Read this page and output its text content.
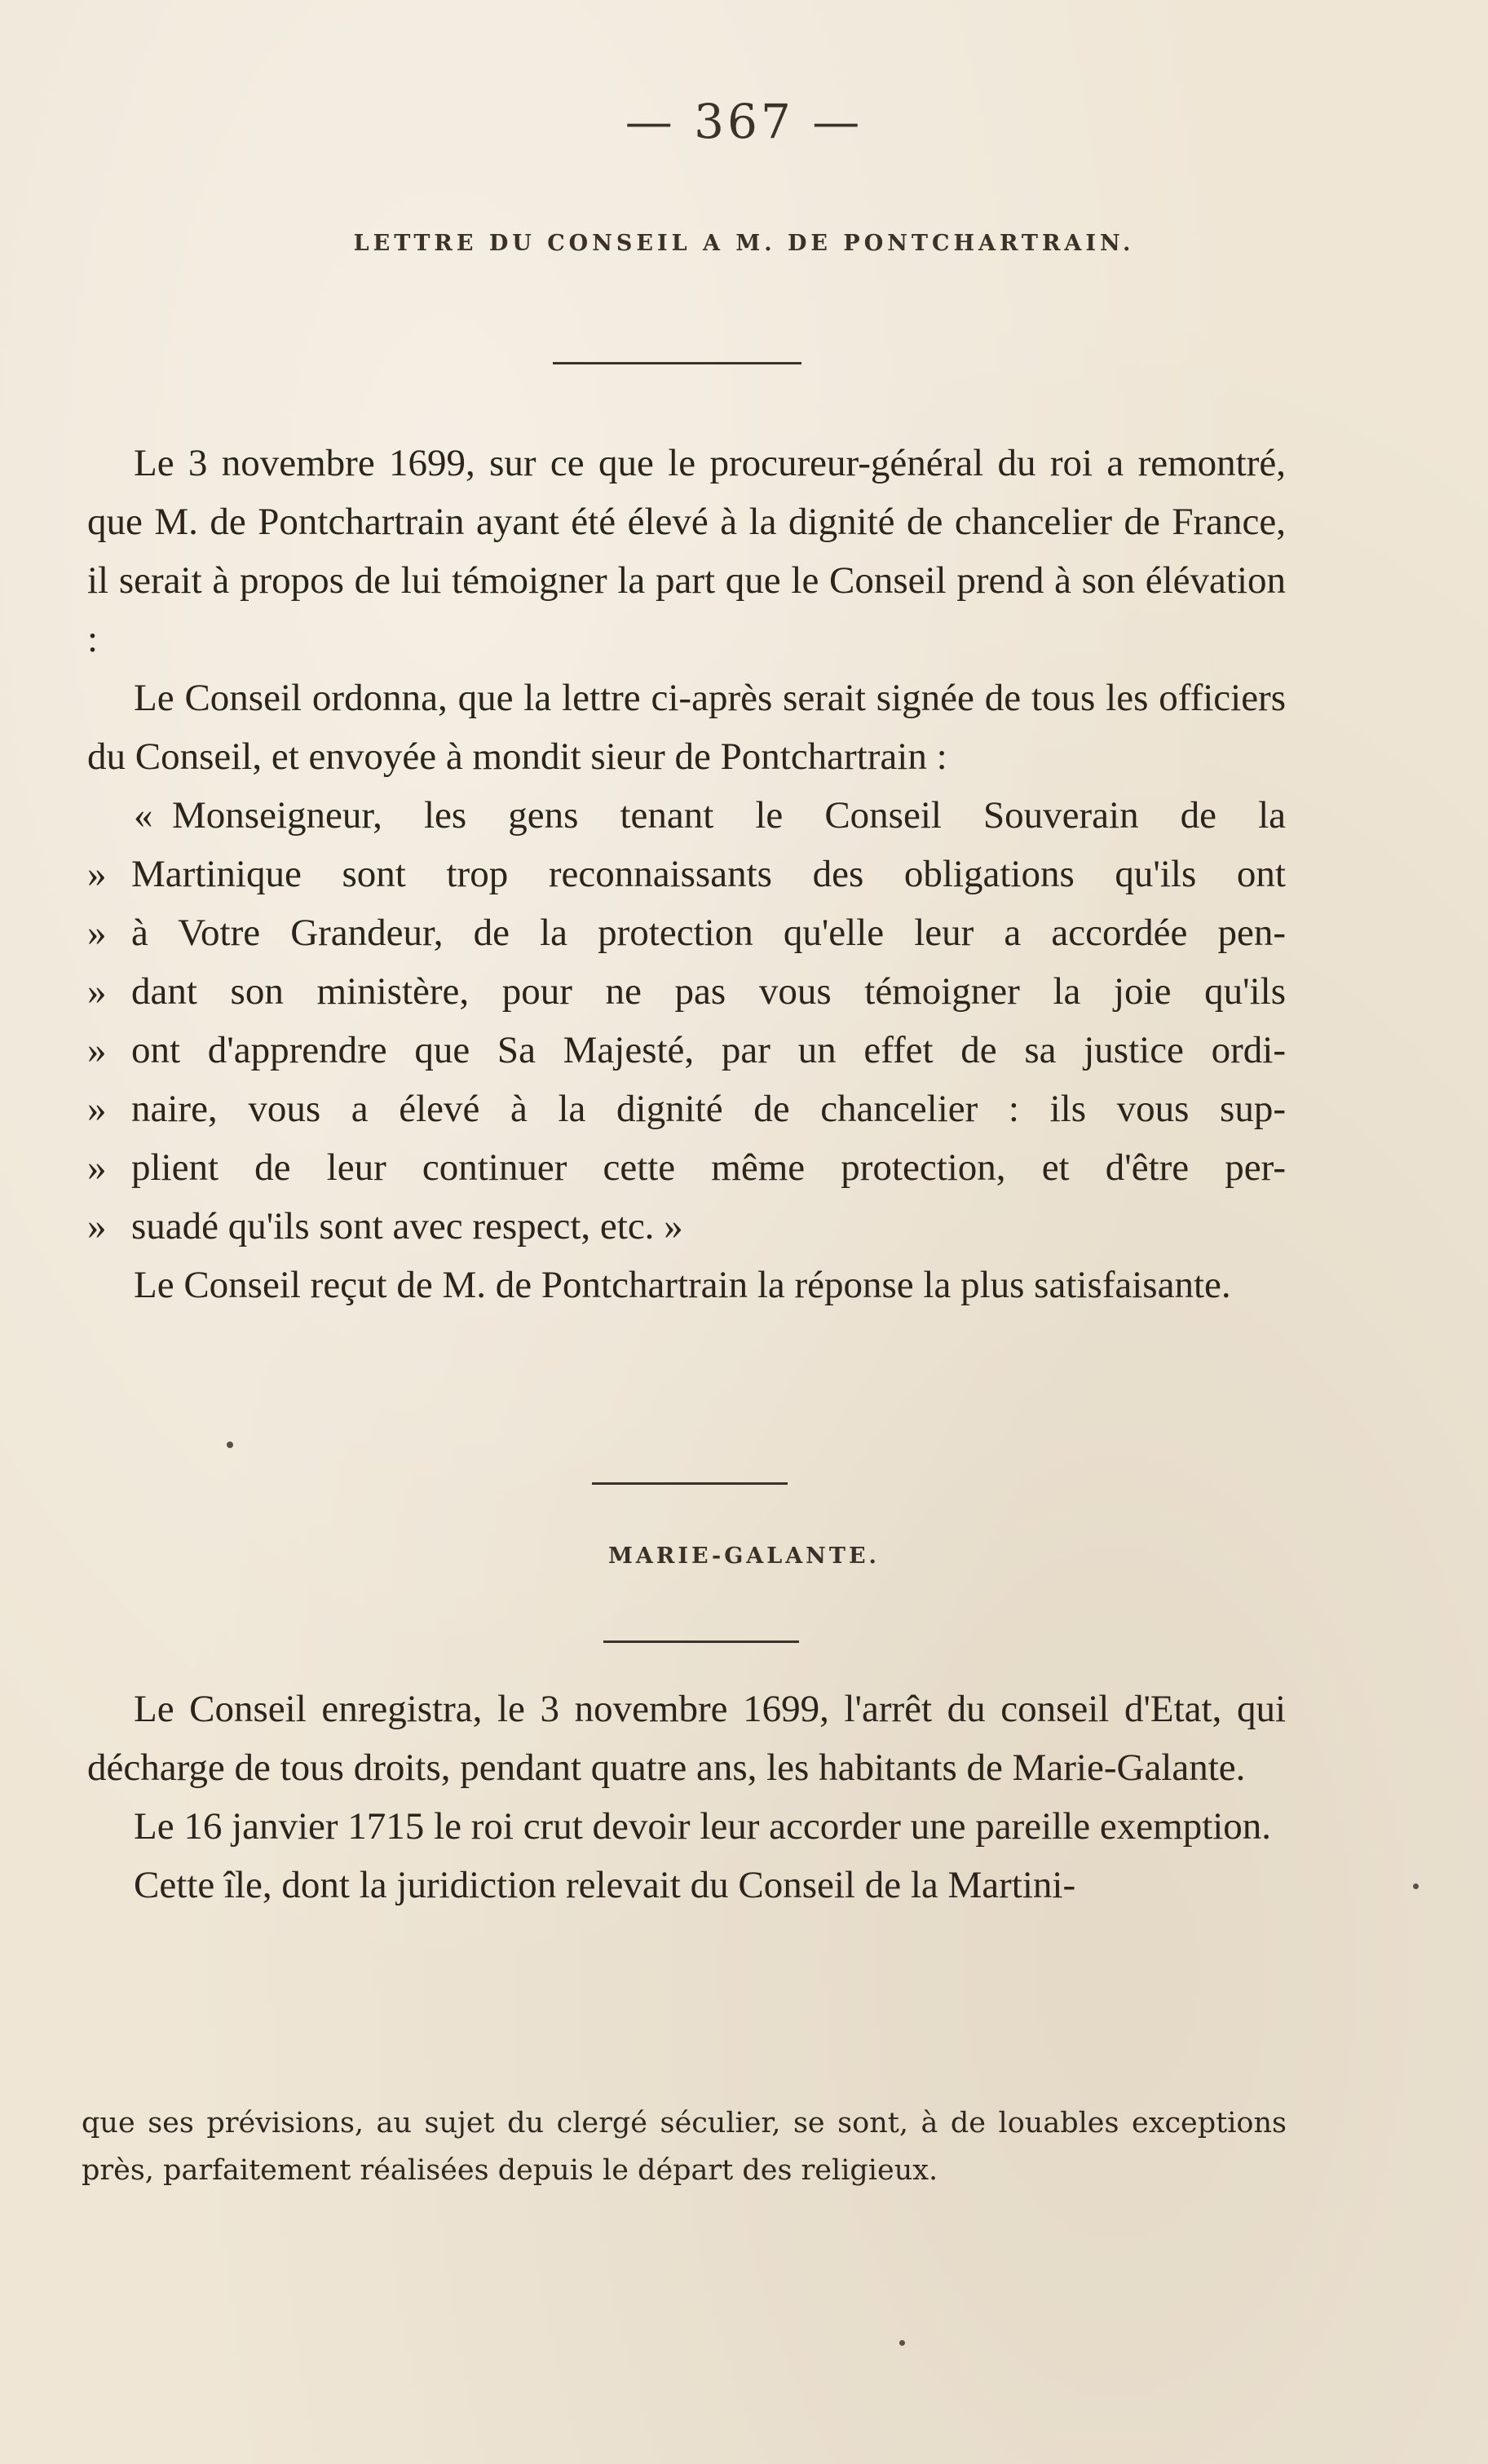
— 367 —
LETTRE DU CONSEIL A M. DE PONTCHARTRAIN.

Le 3 novembre 1699, sur ce que le procureur-général du roi a remontré, que M. de Pontchartrain ayant été élevé à la dignité de chancelier de France, il serait à propos de lui témoigner la part que le Conseil prend à son élévation :

Le Conseil ordonna, que la lettre ci-après serait signée de tous les officiers du Conseil, et envoyée à mondit sieur de Pontchartrain :

« Monseigneur, les gens tenant le Conseil Souverain de la
» Martinique sont trop reconnaissants des obligations qu'ils ont
» à Votre Grandeur, de la protection qu'elle leur a accordée pen-
» dant son ministère, pour ne pas vous témoigner la joie qu'ils
» ont d'apprendre que Sa Majesté, par un effet de sa justice ordi-
» naire, vous a élevé à la dignité de chancelier : ils vous sup-
» plient de leur continuer cette même protection, et d'être per-
» suadé qu'ils sont avec respect, etc. »

Le Conseil reçut de M. de Pontchartrain la réponse la plus satisfaisante.

MARIE-GALANTE.

Le Conseil enregistra, le 3 novembre 1699, l'arrêt du conseil d'Etat, qui décharge de tous droits, pendant quatre ans, les habitants de Marie-Galante.

Le 16 janvier 1715 le roi crut devoir leur accorder une pareille exemption.

Cette île, dont la juridiction relevait du Conseil de la Martini-

que ses prévisions, au sujet du clergé séculier, se sont, à de louables exceptions près, parfaitement réalisées depuis le départ des religieux.
